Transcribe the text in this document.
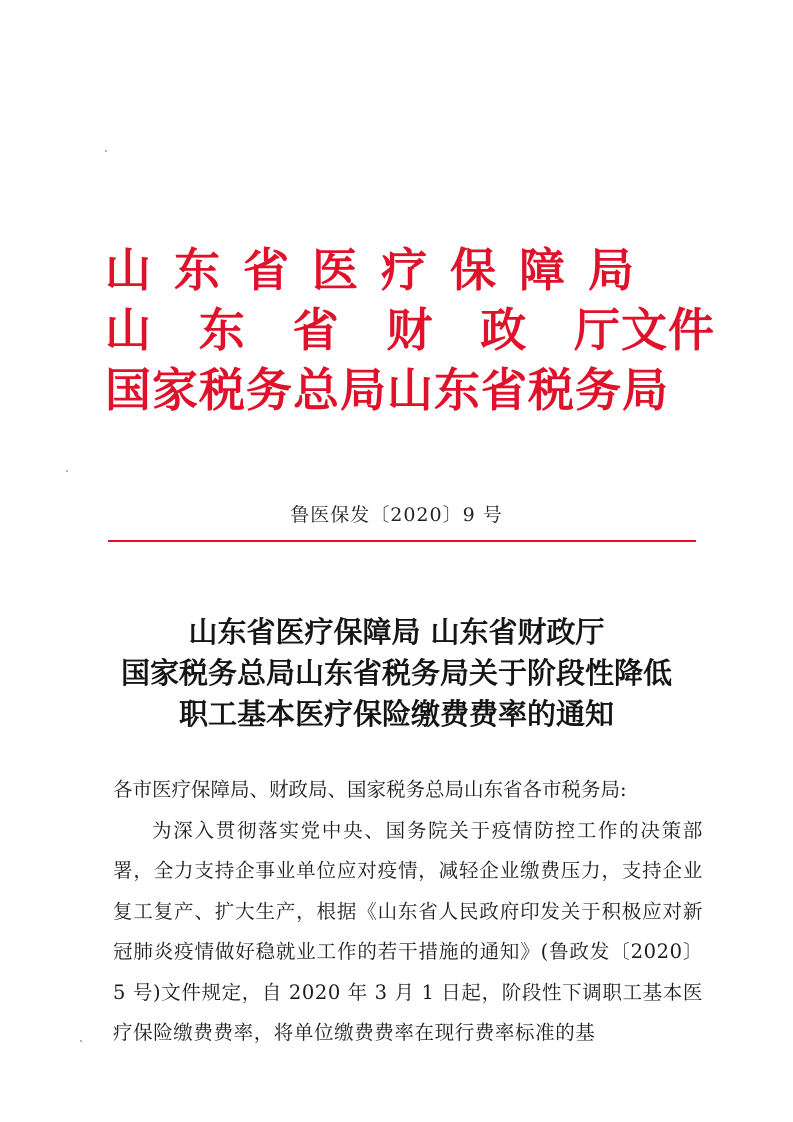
山东省医疗保障局
山 东 省 财 政 厅文件
国家税务总局山东省税务局
鲁医保发〔2020〕9 号
山东省医疗保障局 山东省财政厅
国家税务总局山东省税务局关于阶段性降低
职工基本医疗保险缴费费率的通知
各市医疗保障局、财政局、国家税务总局山东省各市税务局:
为深入贯彻落实党中央、国务院关于疫情防控工作的决策部署，全力支持企事业单位应对疫情，减轻企业缴费压力，支持企业复工复产、扩大生产，根据《山东省人民政府印发关于积极应对新冠肺炎疫情做好稳就业工作的若干措施的通知》(鲁政发〔2020〕5 号)文件规定，自 2020 年 3 月 1 日起，阶段性下调职工基本医疗保险缴费费率，将单位缴费费率在现行费率标准的基
